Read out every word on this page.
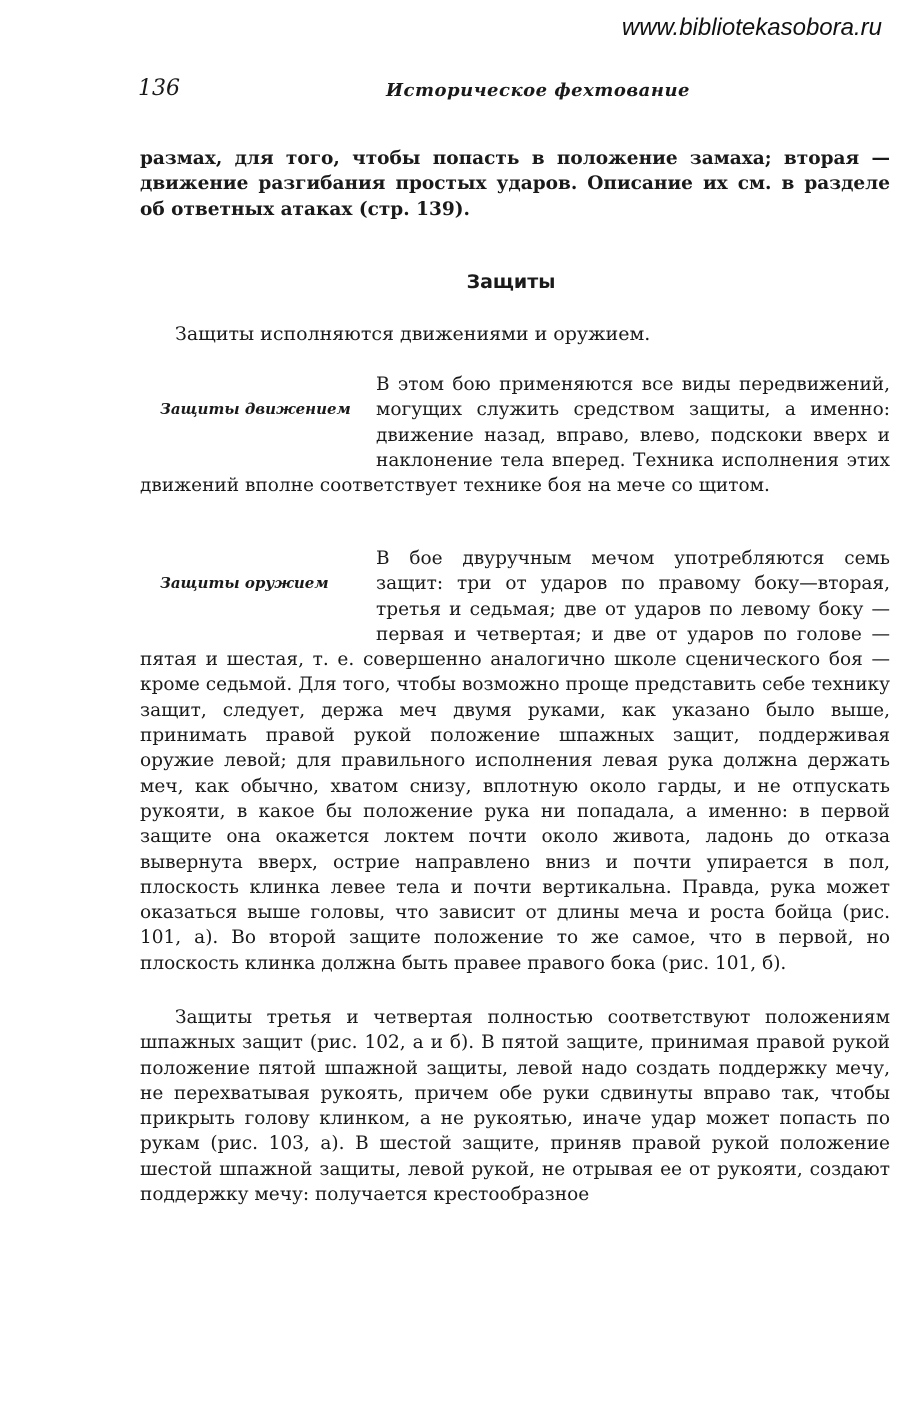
www.bibliotekasobora.ru
136	Историческое фехтование

размах, для того, чтобы попасть в положение замаха; вторая — движение разгибания простых ударов. Описание их см. в разделе об ответных атаках (стр. 139).

Защиты

Защиты исполняются движениями и оружием.

Защиты движением
В этом бою применяются все виды передвижений, могущих служить средством защиты, а именно: движение назад, вправо, влево, подскоки вверх и наклонение тела вперед. Техника исполнения этих движений вполне соответствует технике боя на мече со щитом.
Защиты оружием
В бое двуручным мечом употребляются семь защит: три от ударов по правому боку—вторая, третья и седьмая; две от ударов по левому боку — первая и четвертая; и две от ударов по голове — пятая и шестая, т. е. совершенно аналогично школе сценического боя — кроме седьмой. Для того, чтобы возможно проще представить себе технику защит, следует, держа меч двумя руками, как указано было выше, принимать правой рукой положение шпажных защит, поддерживая оружие левой; для правильного исполнения левая рука должна держать меч, как обычно, хватом снизу, вплотную около гарды, и не отпускать рукояти, в какое бы положение рука ни попадала, а именно: в первой защите она окажется локтем почти около живота, ладонь до отказа вывернута вверх, острие направлено вниз и почти упирается в пол, плоскость клинка левее тела и почти вертикальна. Правда, рука может оказаться выше головы, что зависит от длины меча и роста бойца (рис. 101, а). Во второй защите положение то же самое, что в первой, но плоскость клинка должна быть правее правого бока (рис. 101, б).

Защиты третья и четвертая полностью соответствуют положениям шпажных защит (рис. 102, а и б). В пятой защите, принимая правой рукой положение пятой шпажной защиты, левой надо создать поддержку мечу, не перехватывая рукоять, причем обе руки сдвинуты вправо так, чтобы прикрыть голову клинком, а не рукоятью, иначе удар может попасть по рукам (рис. 103, а). В шестой защите, приняв правой рукой положение шестой шпажной защиты, левой рукой, не отрывая ее от рукояти, создают поддержку мечу: получается крестообразное
